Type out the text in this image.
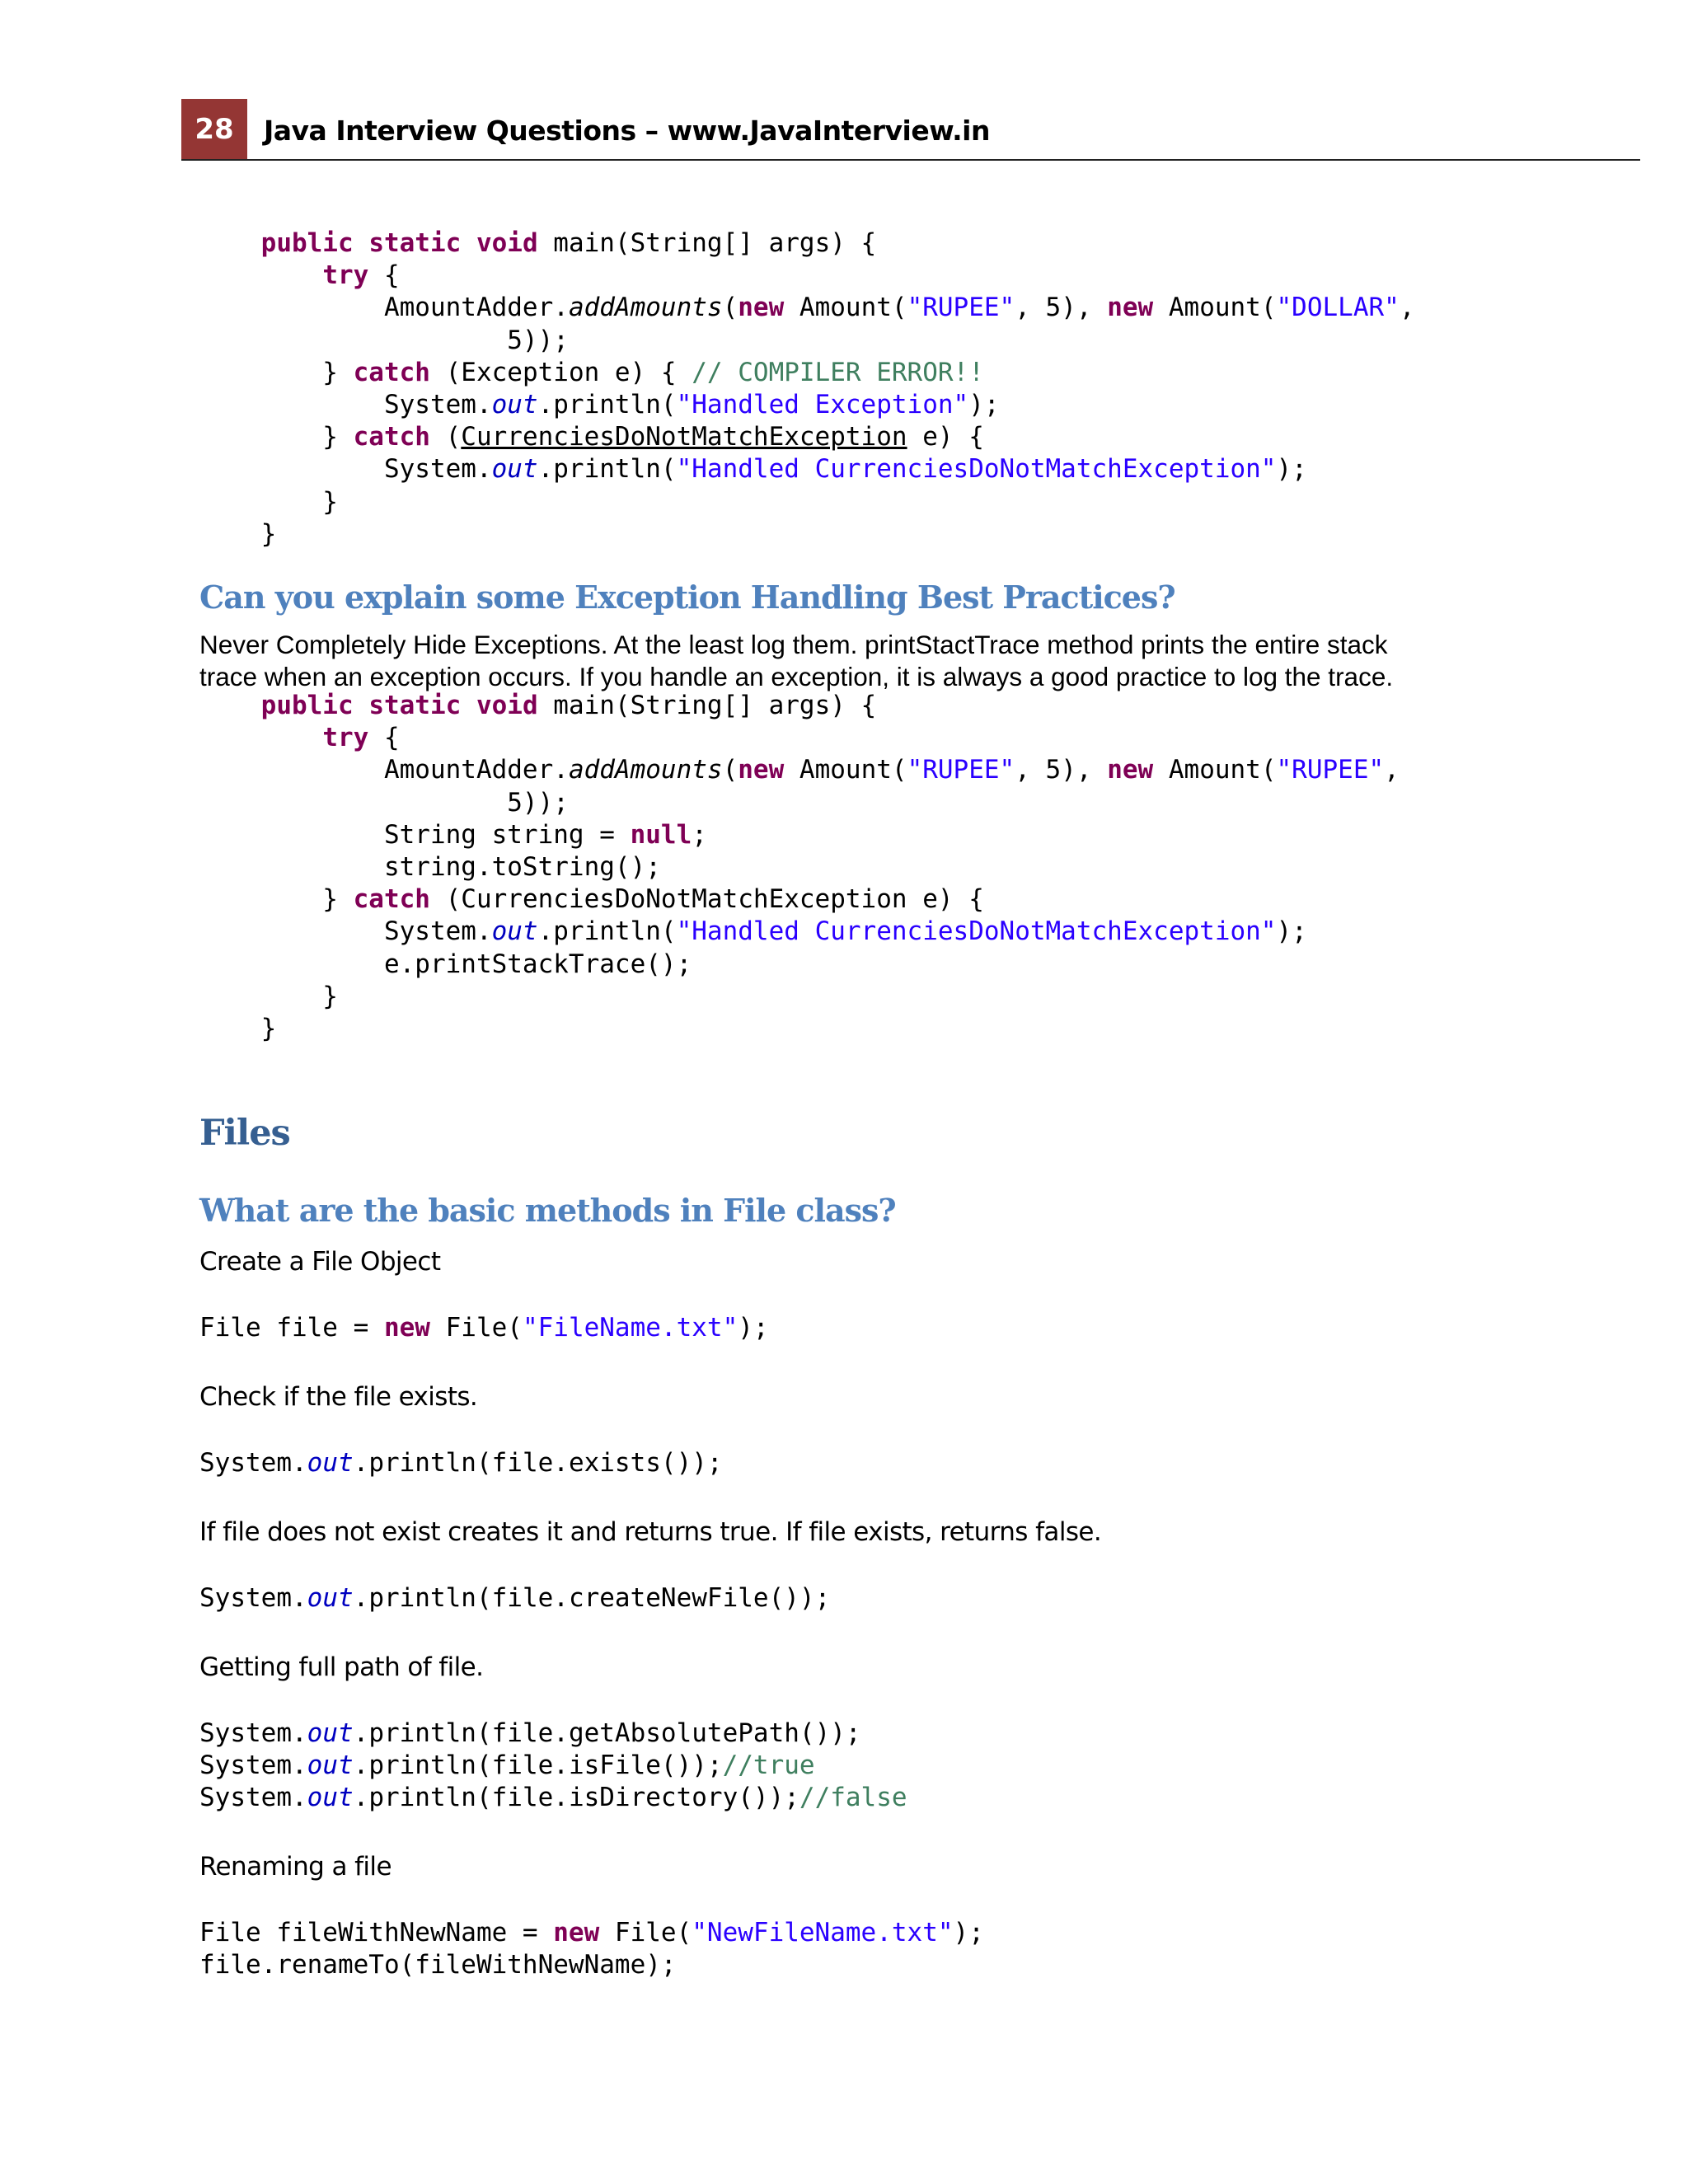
28	Java Interview Questions – www.JavaInterview.in
public static void main(String[] args) {
try {
AmountAdder.addAmounts(new Amount("RUPEE", 5), new Amount("DOLLAR",
5));
} catch (Exception e) { // COMPILER ERROR!!
System.out.println("Handled Exception");
} catch (CurrenciesDoNotMatchException e) {
System.out.println("Handled CurrenciesDoNotMatchException");
}
}
Can you explain some Exception Handling Best Practices?
Never Completely Hide Exceptions. At the least log them. printStactTrace method prints the entire stack
trace when an exception occurs. If you handle an exception, it is always a good practice to log the trace.
public static void main(String[] args) {
try {
AmountAdder.addAmounts(new Amount("RUPEE", 5), new Amount("RUPEE",
5));
String string = null;
string.toString();
} catch (CurrenciesDoNotMatchException e) {
System.out.println("Handled CurrenciesDoNotMatchException");
e.printStackTrace();
}
}
Files
What are the basic methods in File class?

Create a File Object

File file = new File("FileName.txt");

Check if the file exists.

System.out.println(file.exists());

If file does not exist creates it and returns true. If file exists, returns false.

System.out.println(file.createNewFile());

Getting full path of file.

System.out.println(file.getAbsolutePath());
System.out.println(file.isFile());//true
System.out.println(file.isDirectory());//false

Renaming a file

File fileWithNewName = new File("NewFileName.txt");
file.renameTo(fileWithNewName);
